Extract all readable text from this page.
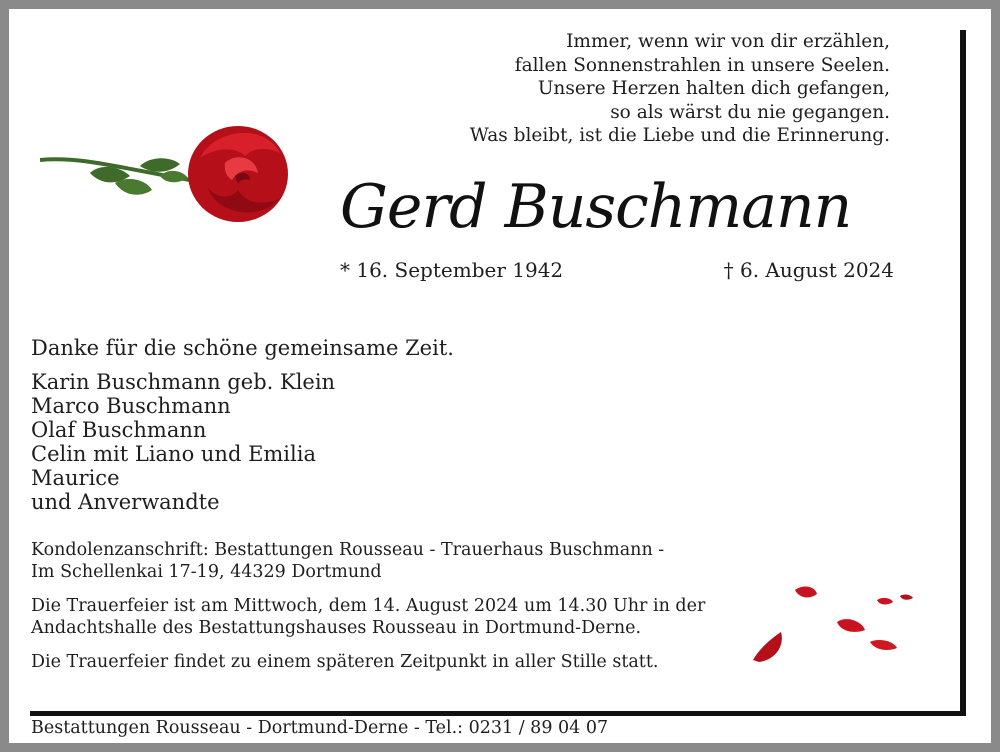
Immer, wenn wir von dir erzählen,
fallen Sonnenstrahlen in unsere Seelen.
Unsere Herzen halten dich gefangen,
so als wärst du nie gegangen.
Was bleibt, ist die Liebe und die Erinnerung.
Gerd Buschmann
* 16. September 1942	† 6. August 2024
Danke für die schöne gemeinsame Zeit.
Karin Buschmann geb. Klein
Marco Buschmann
Olaf Buschmann
Celin mit Liano und Emilia
Maurice
und Anverwandte
Kondolenzanschrift: Bestattungen Rousseau - Trauerhaus Buschmann -
Im Schellenkai 17-19, 44329 Dortmund
Die Trauerfeier ist am Mittwoch, dem 14. August 2024 um 14.30 Uhr in der
Andachtshalle des Bestattungshauses Rousseau in Dortmund-Derne.
Die Trauerfeier findet zu einem späteren Zeitpunkt in aller Stille statt.
Bestattungen Rousseau - Dortmund-Derne - Tel.: 0231 / 89 04 07
